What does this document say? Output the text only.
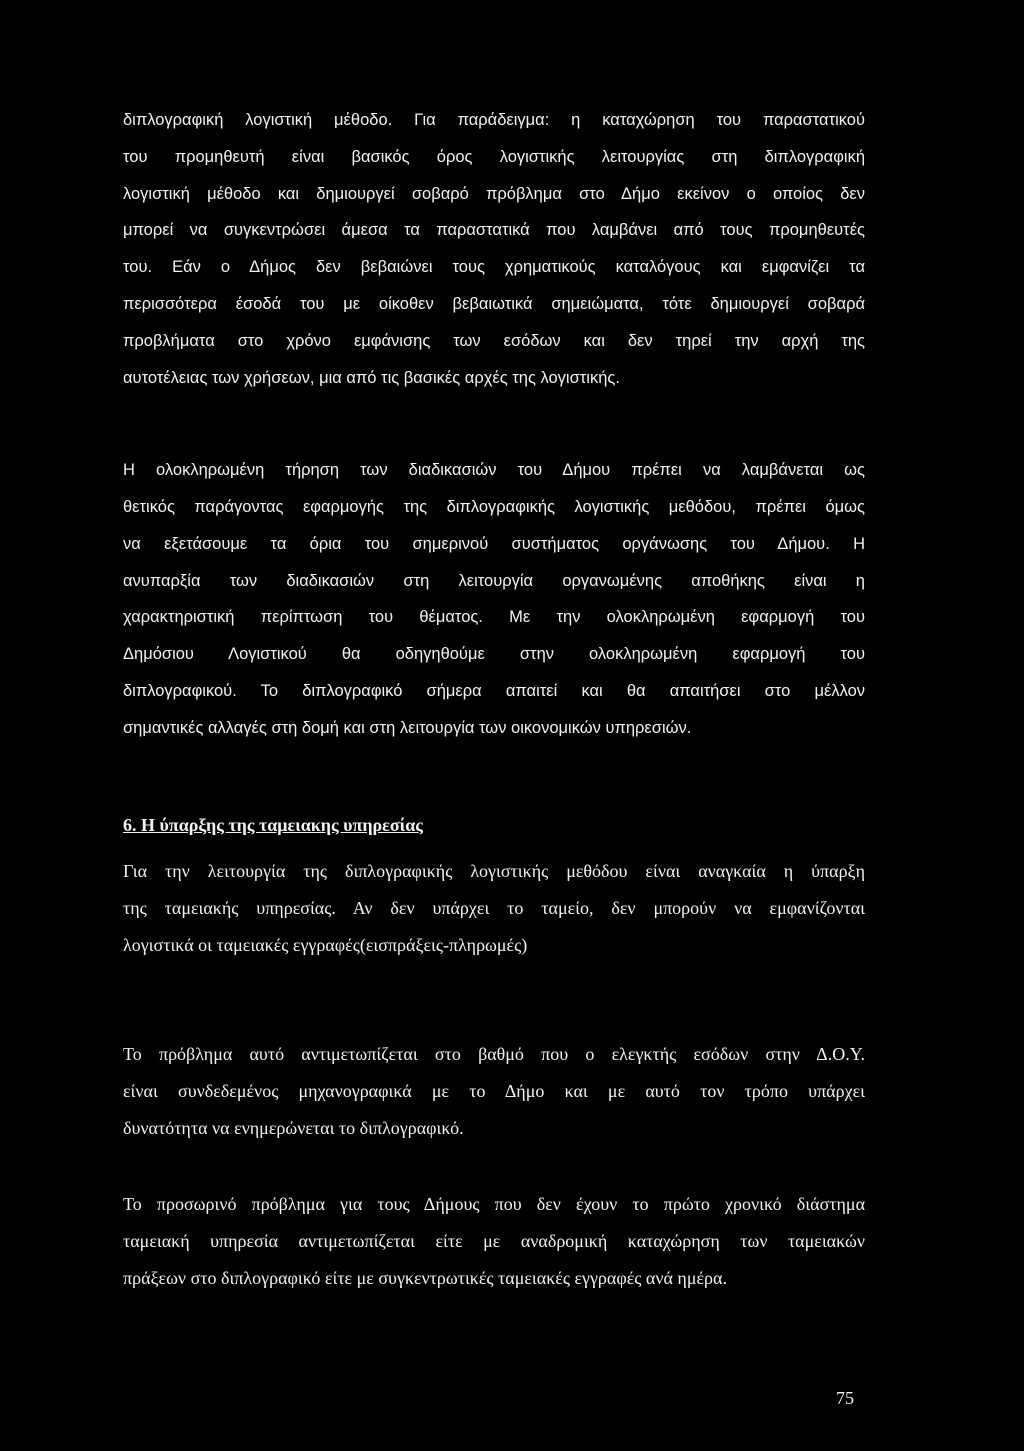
διπλογραφική λογιστική μέθοδο. Για παράδειγμα: η καταχώρηση του παραστατικού
του προμηθευτή είναι βασικός όρος λογιστικής λειτουργίας στη διπλογραφική
λογιστική μέθοδο και δημιουργεί σοβαρό πρόβλημα στο Δήμο εκείνον ο οποίος δεν
μπορεί να συγκεντρώσει άμεσα τα παραστατικά που λαμβάνει από τους προμηθευτές
του. Εάν ο Δήμος δεν βεβαιώνει τους χρηματικούς καταλόγους και εμφανίζει τα
περισσότερα έσοδά του με οίκοθεν βεβαιωτικά σημειώματα, τότε δημιουργεί σοβαρά
προβλήματα στο χρόνο εμφάνισης των εσόδων και δεν τηρεί την αρχή της
αυτοτέλειας των χρήσεων, μια από τις βασικές αρχές της λογιστικής.
Η ολοκληρωμένη τήρηση των διαδικασιών του Δήμου πρέπει να λαμβάνεται ως
θετικός παράγοντας εφαρμογής της διπλογραφικής λογιστικής μεθόδου, πρέπει όμως
να εξετάσουμε τα όρια του σημερινού συστήματος οργάνωσης του Δήμου. Η
ανυπαρξία των διαδικασιών στη λειτουργία οργανωμένης αποθήκης είναι η
χαρακτηριστική περίπτωση του θέματος. Με την ολοκληρωμένη εφαρμογή του
Δημόσιου Λογιστικού θα οδηγηθούμε στην ολοκληρωμένη εφαρμογή του
διπλογραφικού. Το διπλογραφικό σήμερα απαιτεί και θα απαιτήσει στο μέλλον
σημαντικές αλλαγές στη δομή και στη λειτουργία των οικονομικών υπηρεσιών.
6. Η ύπαρξης της ταμειακης υπηρεσίας
Για την λειτουργία της διπλογραφικής λογιστικής μεθόδου είναι αναγκαία η ύπαρξη
της ταμειακής υπηρεσίας. Αν δεν υπάρχει το ταμείο, δεν μπορούν να εμφανίζονται
λογιστικά οι ταμειακές εγγραφές(εισπράξεις-πληρωμές)
Το πρόβλημα αυτό αντιμετωπίζεται στο βαθμό που ο ελεγκτής εσόδων στην Δ.Ο.Υ.
είναι συνδεδεμένος μηχανογραφικά με το Δήμο και με αυτό τον τρόπο υπάρχει
δυνατότητα να ενημερώνεται το διπλογραφικό.
Το προσωρινό πρόβλημα για τους Δήμους που δεν έχουν το πρώτο χρονικό διάστημα
ταμειακή υπηρεσία αντιμετωπίζεται είτε με αναδρομική καταχώρηση των ταμειακών
πράξεων στο διπλογραφικό είτε με συγκεντρωτικές ταμειακές εγγραφές ανά ημέρα.
75
